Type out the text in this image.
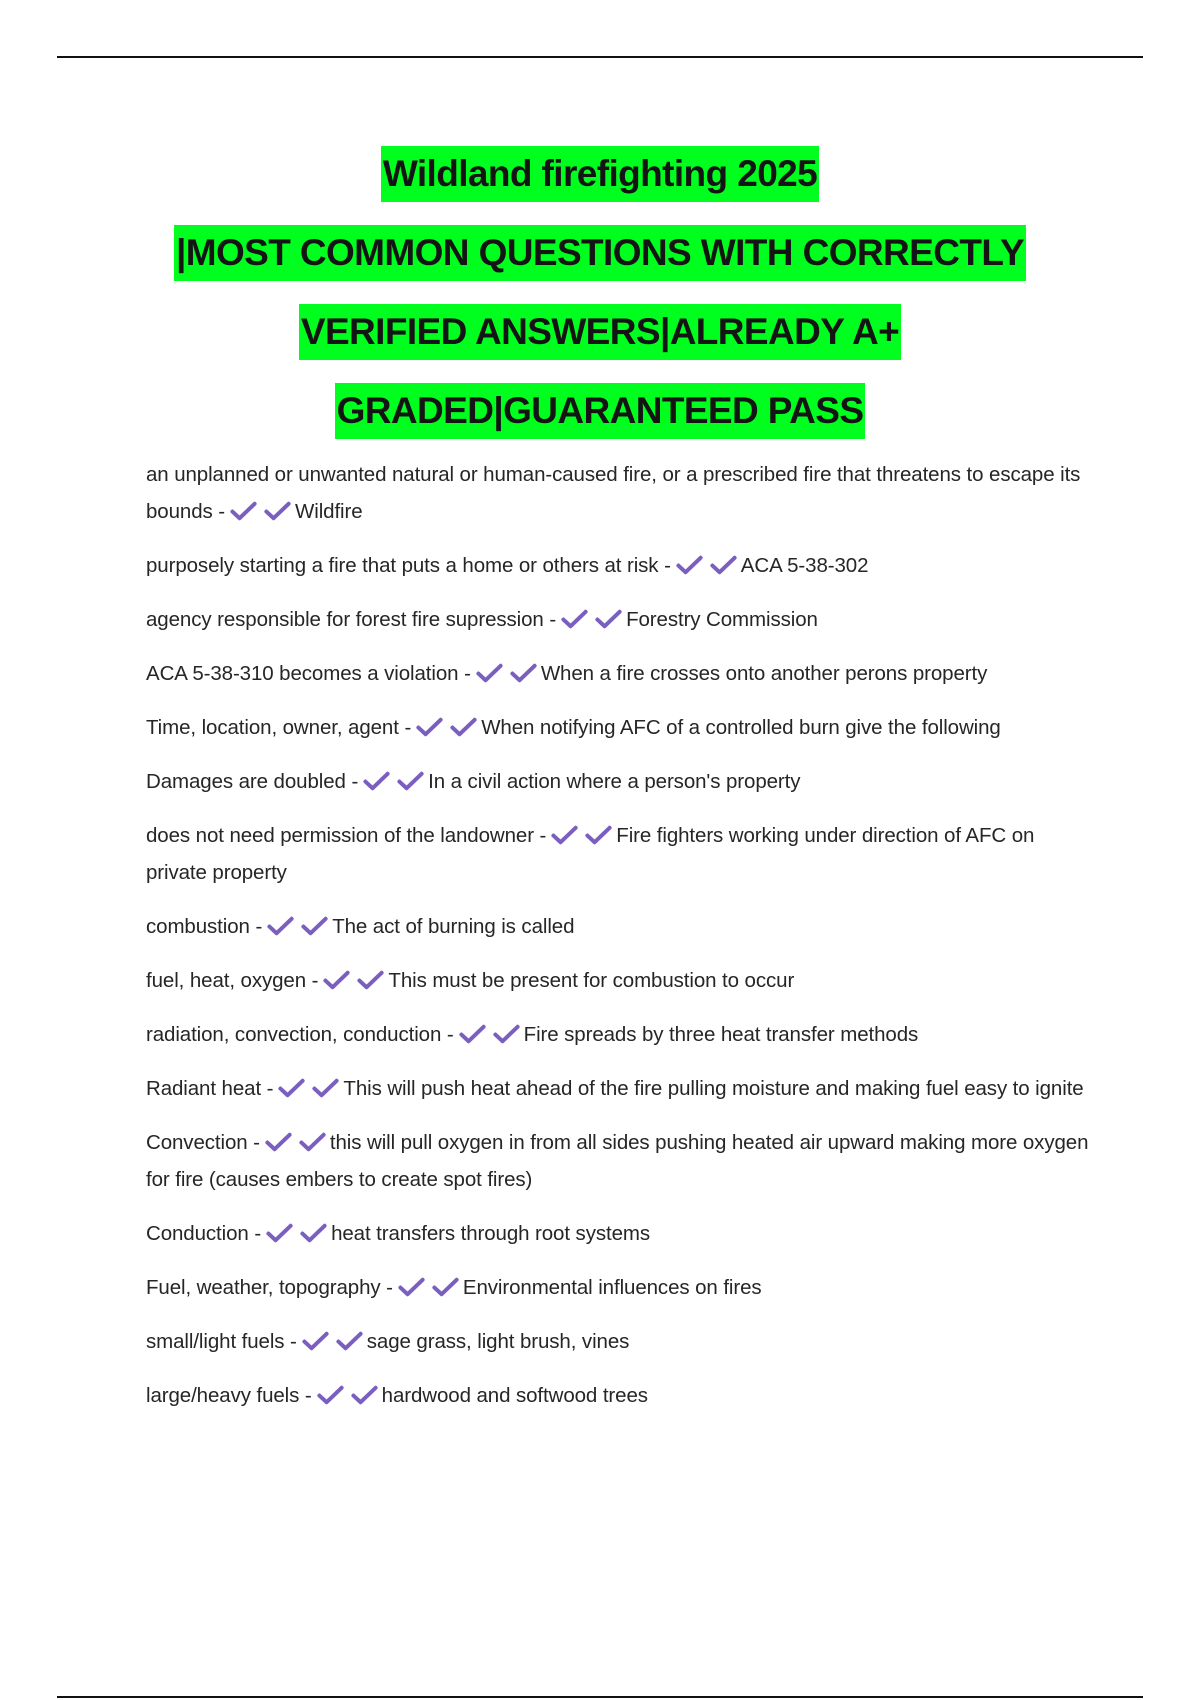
Wildland firefighting 2025
|MOST COMMON QUESTIONS WITH CORRECTLY
VERIFIED ANSWERS|ALREADY A+
GRADED|GUARANTEED PASS
an unplanned or unwanted natural or human-caused fire, or a prescribed fire that threatens to escape its bounds -	Wildfire
purposely starting a fire that puts a home or others at risk -	ACA 5-38-302
agency responsible for forest fire supression -	Forestry Commission
ACA 5-38-310 becomes a violation -	When a fire crosses onto another perons property
Time, location, owner, agent -	When notifying AFC of a controlled burn give the following
Damages are doubled -	In a civil action where a person's property
does not need permission of the landowner -	Fire fighters working under direction of AFC on private property
combustion -	The act of burning is called
fuel, heat, oxygen -	This must be present for combustion to occur
radiation, convection, conduction -	Fire spreads by three heat transfer methods
Radiant heat -	This will push heat ahead of the fire pulling moisture and making fuel easy to ignite
Convection -	this will pull oxygen in from all sides pushing heated air upward making more oxygen for fire (causes embers to create spot fires)
Conduction -	heat transfers through root systems
Fuel, weather, topography -	Environmental influences on fires
small/light fuels -	sage grass, light brush, vines
large/heavy fuels -	hardwood and softwood trees
